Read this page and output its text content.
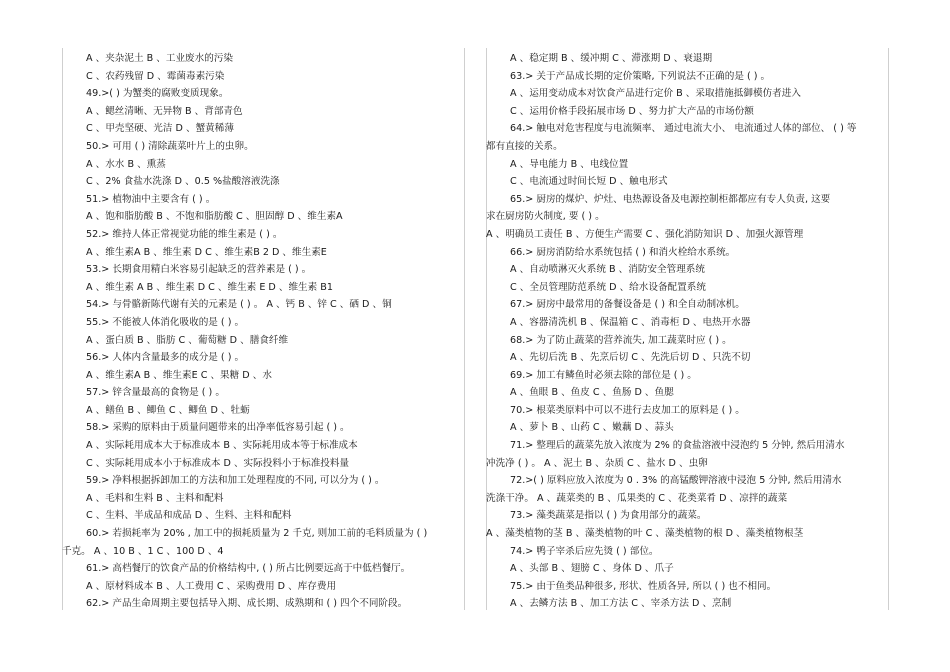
A 、夹杂泥土 B 、工业废水的污染
C 、农药残留 D 、霉菌毒素污染
49.>( ) 为蟹类的腐败变质现象。
A 、鳃丝清晰、无异物 B 、背部青色
C 、甲壳坚硬、光洁 D 、蟹黄稀薄
50.> 可用 ( ) 清除蔬菜叶片上的虫卵。
A 、水水 B 、熏蒸
C 、2% 食盐水洗涤 D 、0.5 %盐酸溶液洗涤
51.> 植物油中主要含有 ( ) 。
A 、饱和脂肪酸 B 、不饱和脂肪酸 C 、胆固醇 D 、维生素A
52.> 维持人体正常视觉功能的维生素是 ( ) 。
A 、维生素A B 、维生素 D C 、维生素B 2 D 、维生素E
53.> 长期食用精白米容易引起缺乏的营养素是 ( ) 。
A 、维生素 A B 、维生素 D C 、维生素 E D 、维生素 B1
54.> 与骨骼新陈代谢有关的元素是 ( ) 。 A 、钙 B 、锌 C 、硒 D 、铜
55.> 不能被人体消化吸收的是 ( ) 。
A 、蛋白质 B 、脂肪 C 、葡萄糖 D 、膳食纤维
56.> 人体内含量最多的成分是 ( ) 。
A 、维生素A B 、维生素E C 、果糖 D 、水
57.> 锌含量最高的食物是 ( ) 。
A 、鳝鱼 B 、鲫鱼 C 、鲫鱼 D 、牡蛎
58.> 采购的原料由于质量问题带来的出净率低容易引起 ( ) 。
A 、实际耗用成本大于标准成本 B 、实际耗用成本等于标准成本
C 、实际耗用成本小于标准成本 D 、实际投料小于标准投料量
59.> 净料根据拆卸加工的方法和加工处理程度的不同, 可以分为 ( ) 。
A 、毛料和生料 B 、主料和配料
C 、生料、半成品和成品 D 、生料、主料和配料
60.> 若损耗率为 20% , 加工中的损耗质量为 2 千克, 则加工前的毛料质量为 ( )
千克。 A 、10 B 、1 C 、100 D 、4
61.> 高档餐厅的饮食产品的价格结构中, ( ) 所占比例要远高于中低档餐厅。
A 、原材料成本 B 、人工费用 C 、采购费用 D 、库存费用
62.> 产品生命周期主要包括导入期、成长期、成熟期和 ( ) 四个不同阶段。
A 、稳定期 B 、缓冲期 C 、滞涨期 D 、衰退期
63.> 关于产品成长期的定价策略, 下列说法不正确的是 ( ) 。
A 、运用变动成本对饮食产品进行定价 B 、采取措施抵御模仿者进入
C 、运用价格手段拓展市场 D 、努力扩大产品的市场份额
64.> 触电对危害程度与电流频率、 通过电流大小、 电流通过人体的部位、 ( ) 等
都有直接的关系。
A 、导电能力 B 、电线位置
C 、电流通过时间长短 D 、触电形式
65.> 厨房的煤炉、炉灶、电热源设备及电源控制柜都都应有专人负责, 这要
求在厨房防火制度, 要 ( ) 。
A 、明确员工责任 B 、方便生产需要 C 、强化消防知识 D 、加强火源管理
66.> 厨房消防给水系统包括 ( ) 和消火栓给水系统。
A 、自动喷淋灭火系统 B 、消防安全管理系统
C 、全员管理防范系统 D 、给水设备配置系统
67.> 厨房中最常用的备餐设备是 ( ) 和全自动制冰机。
A 、容器清洗机 B 、保温箱 C 、消毒柜 D 、电热开水器
68.> 为了防止蔬菜的营养流失, 加工蔬菜时应 ( ) 。
A 、先切后洗 B 、先烹后切 C 、先洗后切 D 、只洗不切
69.> 加工有鳞鱼时必须去除的部位是 ( ) 。
A 、鱼眼 B 、鱼皮 C 、鱼肠 D 、鱼腮
70.> 根菜类原料中可以不进行去皮加工的原料是 ( ) 。
A 、萝卜 B 、山药 C 、嫩藕 D 、蒜头
71.> 整理后的蔬菜先放入浓度为 2% 的食盐溶液中浸泡约 5 分钟, 然后用清水
冲洗净 ( ) 。 A 、泥土 B 、杂质 C 、盐水 D 、虫卵
72.>( ) 原料应放入浓度为 0 . 3% 的高锰酸钾溶液中浸泡 5 分钟, 然后用清水
洗涤干净。 A 、蔬菜类的 B 、瓜果类的 C 、花类菜肴 D 、凉拌的蔬菜
73.> 藻类蔬菜是指以 ( ) 为食用部分的蔬菜。
A 、藻类植物的茎 B 、藻类植物的叶 C 、藻类植物的根 D 、藻类植物根茎
74.> 鸭子宰杀后应先烫 ( ) 部位。
A 、头部 B 、翅膀 C 、身体 D 、爪子
75.> 由于鱼类品种很多, 形状、性质各异, 所以 ( ) 也不相同。
A 、去鳞方法 B 、加工方法 C 、宰杀方法 D 、烹制
